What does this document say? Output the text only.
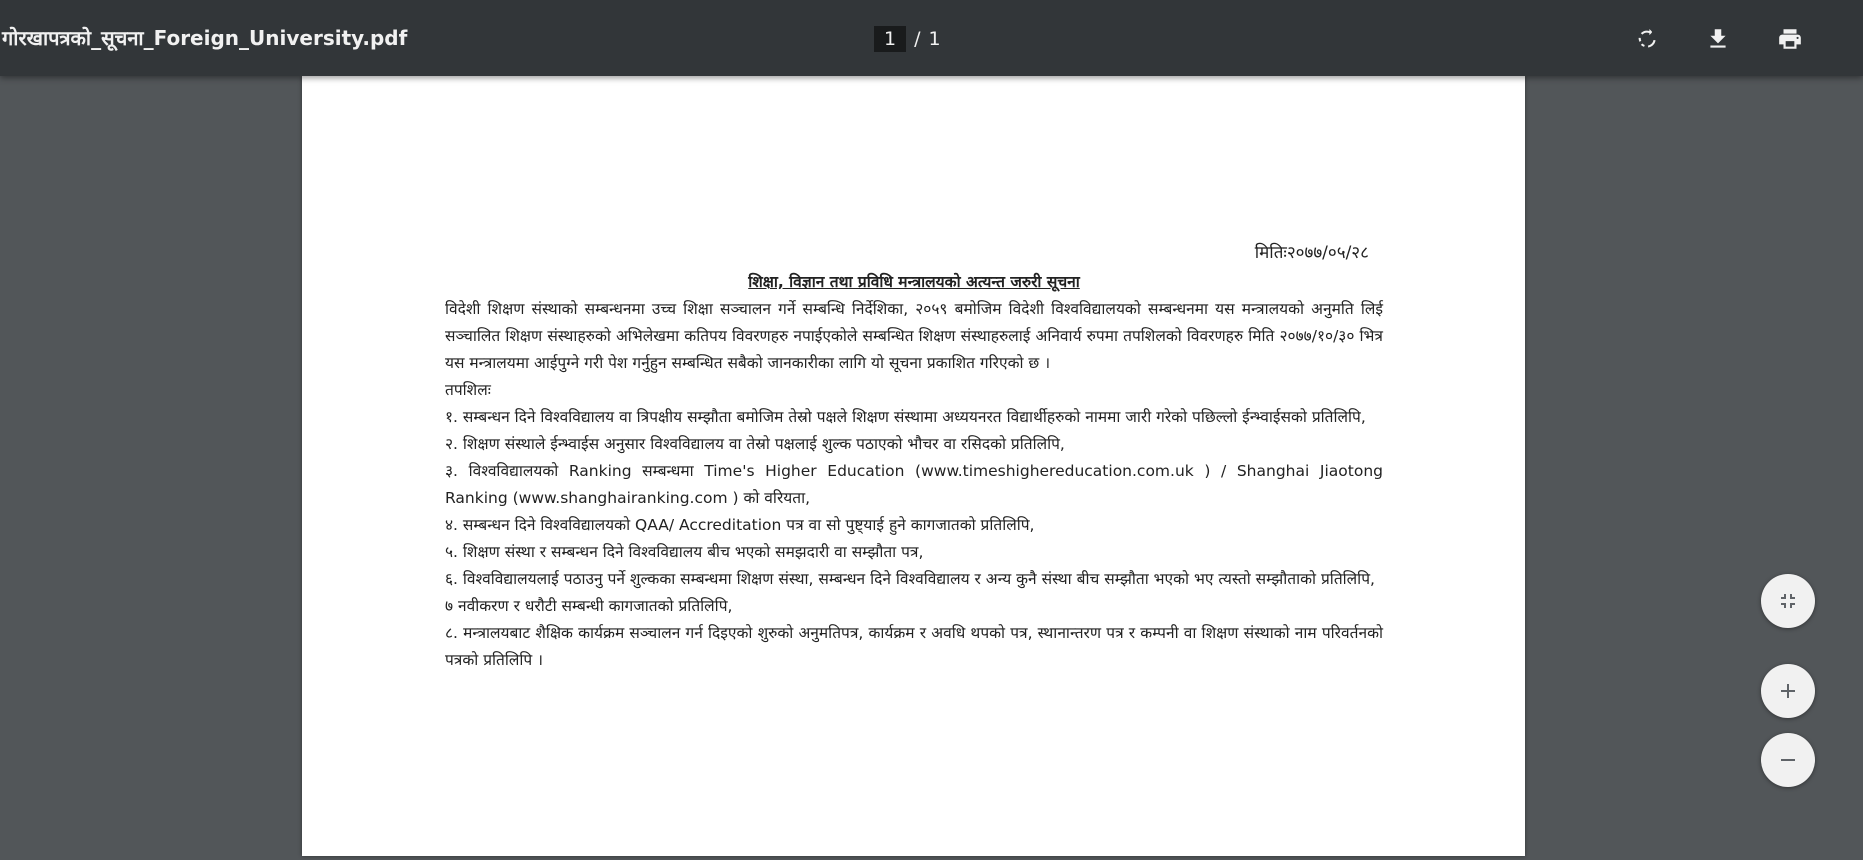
गोरखापत्रको_सूचना_Foreign_University.pdf	1 / 1
मितिः२०७७/०५/२८
शिक्षा, विज्ञान तथा प्रविधि मन्त्रालयको अत्यन्त जरुरी सूचना
विदेशी शिक्षण संस्थाको सम्बन्धनमा उच्च शिक्षा सञ्चालन गर्ने सम्बन्धि निर्देशिका, २०५९ बमोजिम विदेशी विश्वविद्यालयको सम्बन्धनमा यस मन्त्रालयको अनुमति लिई सञ्चालित शिक्षण संस्थाहरुको अभिलेखमा कतिपय विवरणहरु नपाईएकोले सम्बन्धित शिक्षण संस्थाहरुलाई अनिवार्य रुपमा तपशिलको विवरणहरु मिति २०७७/१०/३० भित्र यस मन्त्रालयमा आईपुग्ने गरी पेश गर्नुहुन सम्बन्धित सबैको जानकारीका लागि यो सूचना प्रकाशित गरिएको छ ।
तपशिलः
१. सम्बन्धन दिने विश्वविद्यालय वा त्रिपक्षीय सम्झौता बमोजिम तेस्रो पक्षले शिक्षण संस्थामा अध्ययनरत विद्यार्थीहरुको नाममा जारी गरेको पछिल्लो ईन्भ्वाईसको प्रतिलिपि,
२. शिक्षण संस्थाले ईन्भ्वाईस अनुसार विश्वविद्यालय वा तेस्रो पक्षलाई शुल्क पठाएको भौचर वा रसिदको प्रतिलिपि,
३. विश्वविद्यालयको Ranking सम्बन्धमा Time's Higher Education (www.timeshighereducation.com.uk ) / Shanghai Jiaotong Ranking (www.shanghairanking.com ) को वरियता,
४. सम्बन्धन दिने विश्वविद्यालयको QAA/ Accreditation पत्र वा सो पुष्ट्याई हुने कागजातको प्रतिलिपि,
५. शिक्षण संस्था र सम्बन्धन दिने विश्वविद्यालय बीच भएको समझदारी वा सम्झौता पत्र,
६. विश्वविद्यालयलाई पठाउनु पर्ने शुल्कका सम्बन्धमा शिक्षण संस्था, सम्बन्धन दिने विश्वविद्यालय र अन्य कुनै संस्था बीच सम्झौता भएको भए त्यस्तो सम्झौताको प्रतिलिपि,
७ नवीकरण र धरौटी सम्बन्धी कागजातको प्रतिलिपि,
८. मन्त्रालयबाट शैक्षिक कार्यक्रम सञ्चालन गर्न दिइएको शुरुको अनुमतिपत्र, कार्यक्रम र अवधि थपको पत्र, स्थानान्तरण पत्र र कम्पनी वा शिक्षण संस्थाको नाम परिवर्तनको पत्रको प्रतिलिपि ।
